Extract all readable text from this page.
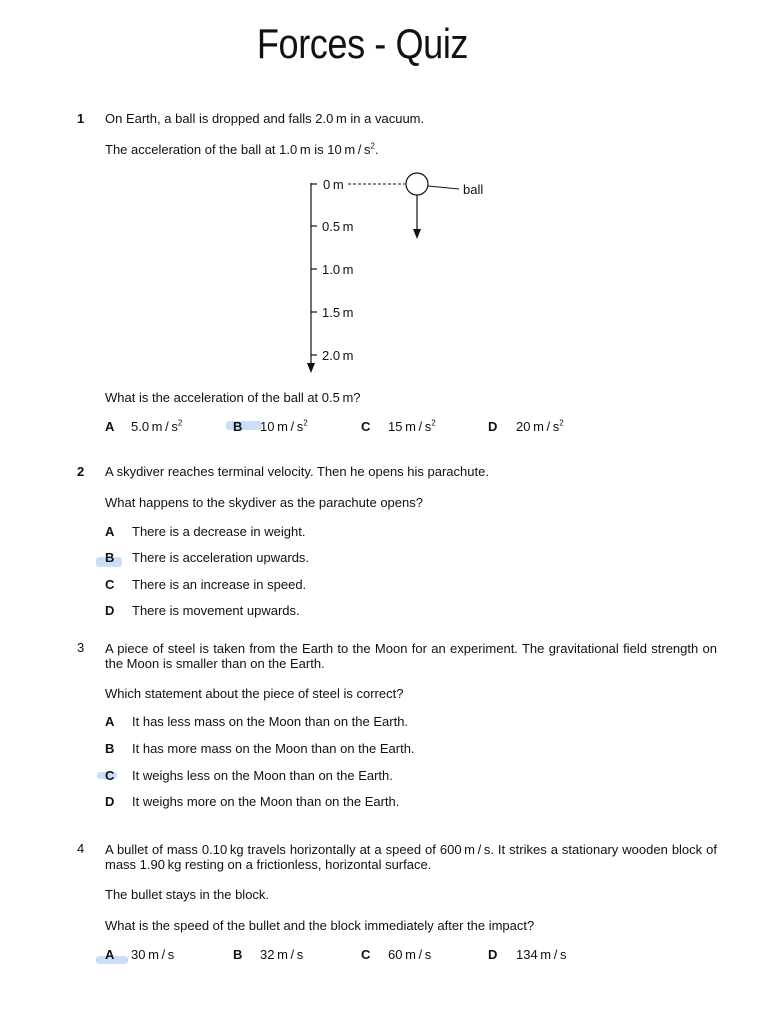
Forces - Quiz
1 On Earth, a ball is dropped and falls 2.0 m in a vacuum.
The acceleration of the ball at 1.0 m is 10 m / $s^2$.
0 m
0.5 m
1.0 m
1.5 m
2.0 m
ball
What is the acceleration of the ball at 0.5 m?
A 5.0 m / $s^2$	B 10 m / $s^2$	C 15 m / $s^2$	D 20 m / $s^2$
2 A skydiver reaches terminal velocity. Then he opens his parachute.
What happens to the skydiver as the parachute opens?
A There is a decrease in weight.
B There is acceleration upwards.
C There is an increase in speed.
D There is movement upwards.
3 A piece of steel is taken from the Earth to the Moon for an experiment. The gravitational field strength on the Moon is smaller than on the Earth.
Which statement about the piece of steel is correct?
A It has less mass on the Moon than on the Earth.
B It has more mass on the Moon than on the Earth.
C It weighs less on the Moon than on the Earth.
D It weighs more on the Moon than on the Earth.
4 A bullet of mass 0.10 kg travels horizontally at a speed of 600 m / s. It strikes a stationary wooden block of mass 1.90 kg resting on a frictionless, horizontal surface.
The bullet stays in the block.
What is the speed of the bullet and the block immediately after the impact?
A 30 m / s	B 32 m / s	C 60 m / s	D 134 m / s
